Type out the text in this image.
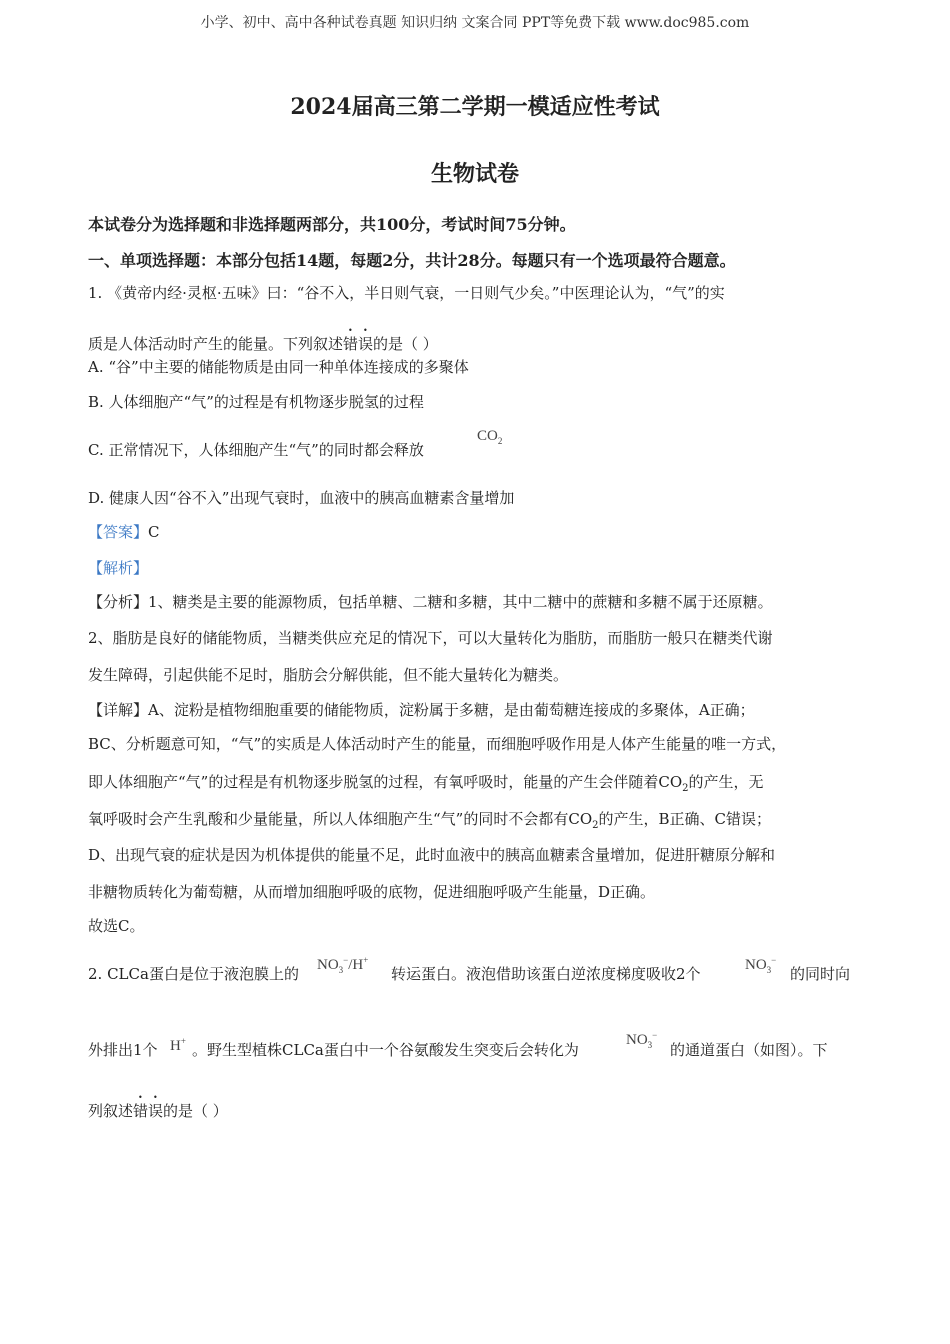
小学、初中、高中各种试卷真题 知识归纳 文案合同 PPT等免费下载 www.doc985.com
2024届高三第二学期一模适应性考试
生物试卷
本试卷分为选择题和非选择题两部分，共100分，考试时间75分钟。
一、单项选择题：本部分包括14题，每题2分，共计28分。每题只有一个选项最符合题意。
1. 《黄帝内经·灵枢·五味》曰：“谷不入，半日则气衰，一日则气少矣。”中医理论认为，“气”的实
质是人体活动时产生的能量。下列叙述错误的是（ ）
A. “谷”中主要的储能物质是由同一种单体连接成的多聚体
B. 人体细胞产“气”的过程是有机物逐步脱氢的过程
C. 正常情况下，人体细胞产生“气”的同时都会释放
$CO_2$
D. 健康人因“谷不入”出现气衰时，血液中的胰高血糖素含量增加
【答案】C
【解析】
【分析】1、糖类是主要的能源物质，包括单糖、二糖和多糖，其中二糖中的蔗糖和多糖不属于还原糖。
2、脂肪是良好的储能物质，当糖类供应充足的情况下，可以大量转化为脂肪，而脂肪一般只在糖类代谢
发生障碍，引起供能不足时，脂肪会分解供能，但不能大量转化为糖类。
【详解】A、淀粉是植物细胞重要的储能物质，淀粉属于多糖，是由葡萄糖连接成的多聚体，A正确；
BC、分析题意可知，“气”的实质是人体活动时产生的能量，而细胞呼吸作用是人体产生能量的唯一方式，
即人体细胞产“气”的过程是有机物逐步脱氢的过程，有氧呼吸时，能量的产生会伴随着$CO_2$的产生，无
氧呼吸时会产生乳酸和少量能量，所以人体细胞产生“气”的同时不会都有$CO_2$的产生，B正确、C错误；
D、出现气衰的症状是因为机体提供的能量不足，此时血液中的胰高血糖素含量增加，促进肝糖原分解和
非糖物质转化为葡萄糖，从而增加细胞呼吸的底物，促进细胞呼吸产生能量，D正确。
故选C。
2. CLCa蛋白是位于液泡膜上的 $NO_3^-/H^+$
转运蛋白。液泡借助该蛋白逆浓度梯度吸收2个	$NO_3^-$
的同时向
外排出1个 H+ 。野生型植株CLCa蛋白中一个谷氨酸发生突变后会转化为
$NO_3^-$
的通道蛋白（如图）。下
列叙述错误的是（ ）
